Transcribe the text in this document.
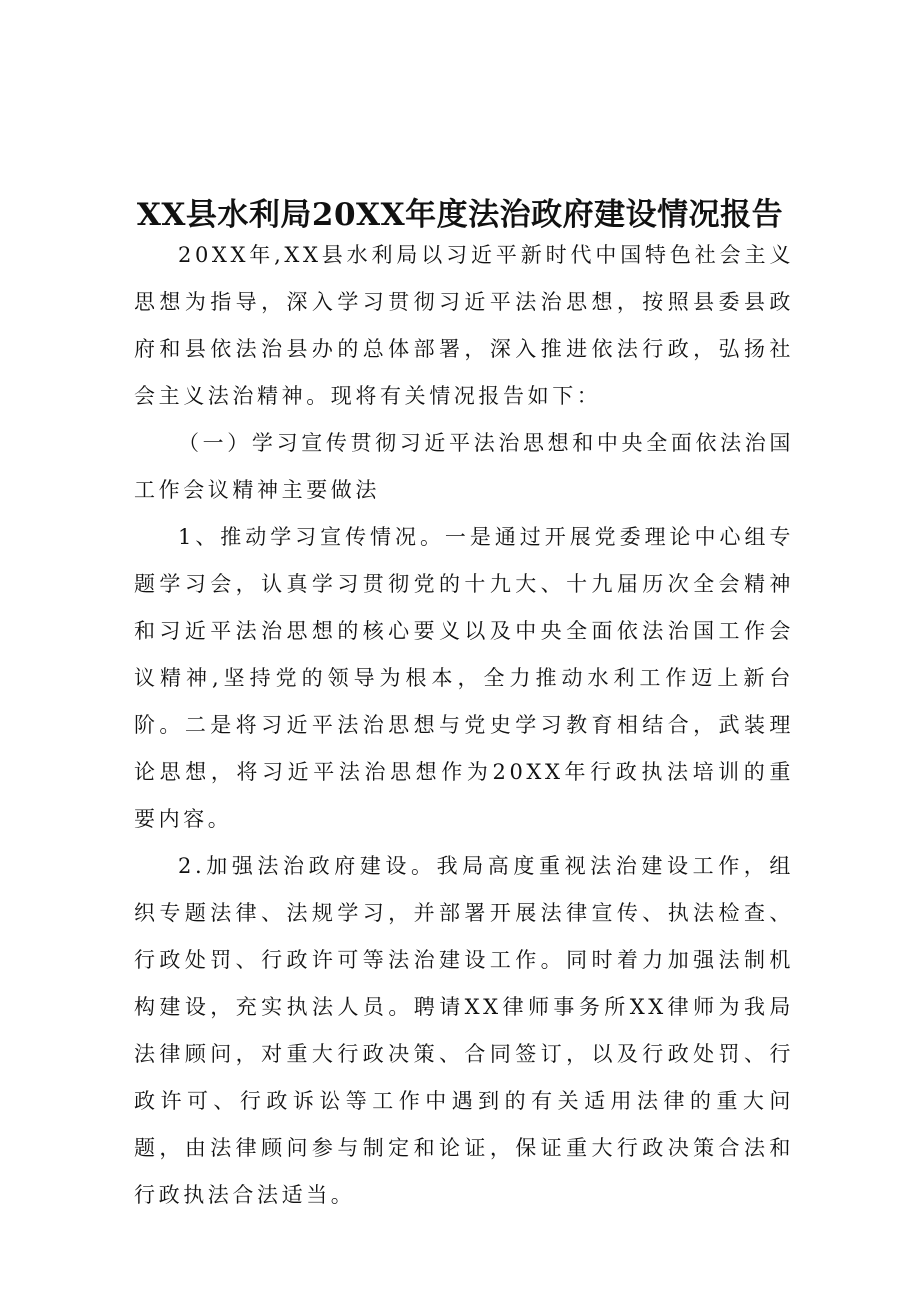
XX县水利局20XX年度法治政府建设情况报告

20XX年,XX县水利局以习近平新时代中国特色社会主义思想为指导，深入学习贯彻习近平法治思想，按照县委县政府和县依法治县办的总体部署，深入推进依法行政，弘扬社会主义法治精神。现将有关情况报告如下：

（一）学习宣传贯彻习近平法治思想和中央全面依法治国工作会议精神主要做法

1、推动学习宣传情况。一是通过开展党委理论中心组专题学习会，认真学习贯彻党的十九大、十九届历次全会精神和习近平法治思想的核心要义以及中央全面依法治国工作会议精神,坚持党的领导为根本，全力推动水利工作迈上新台阶。二是将习近平法治思想与党史学习教育相结合，武装理论思想，将习近平法治思想作为20XX年行政执法培训的重要内容。

2.加强法治政府建设。我局高度重视法治建设工作，组织专题法律、法规学习，并部署开展法律宣传、执法检查、行政处罚、行政许可等法治建设工作。同时着力加强法制机构建设，充实执法人员。聘请XX律师事务所XX律师为我局法律顾问，对重大行政决策、合同签订，以及行政处罚、行政许可、行政诉讼等工作中遇到的有关适用法律的重大问题，由法律顾问参与制定和论证，保证重大行政决策合法和行政执法合法适当。
